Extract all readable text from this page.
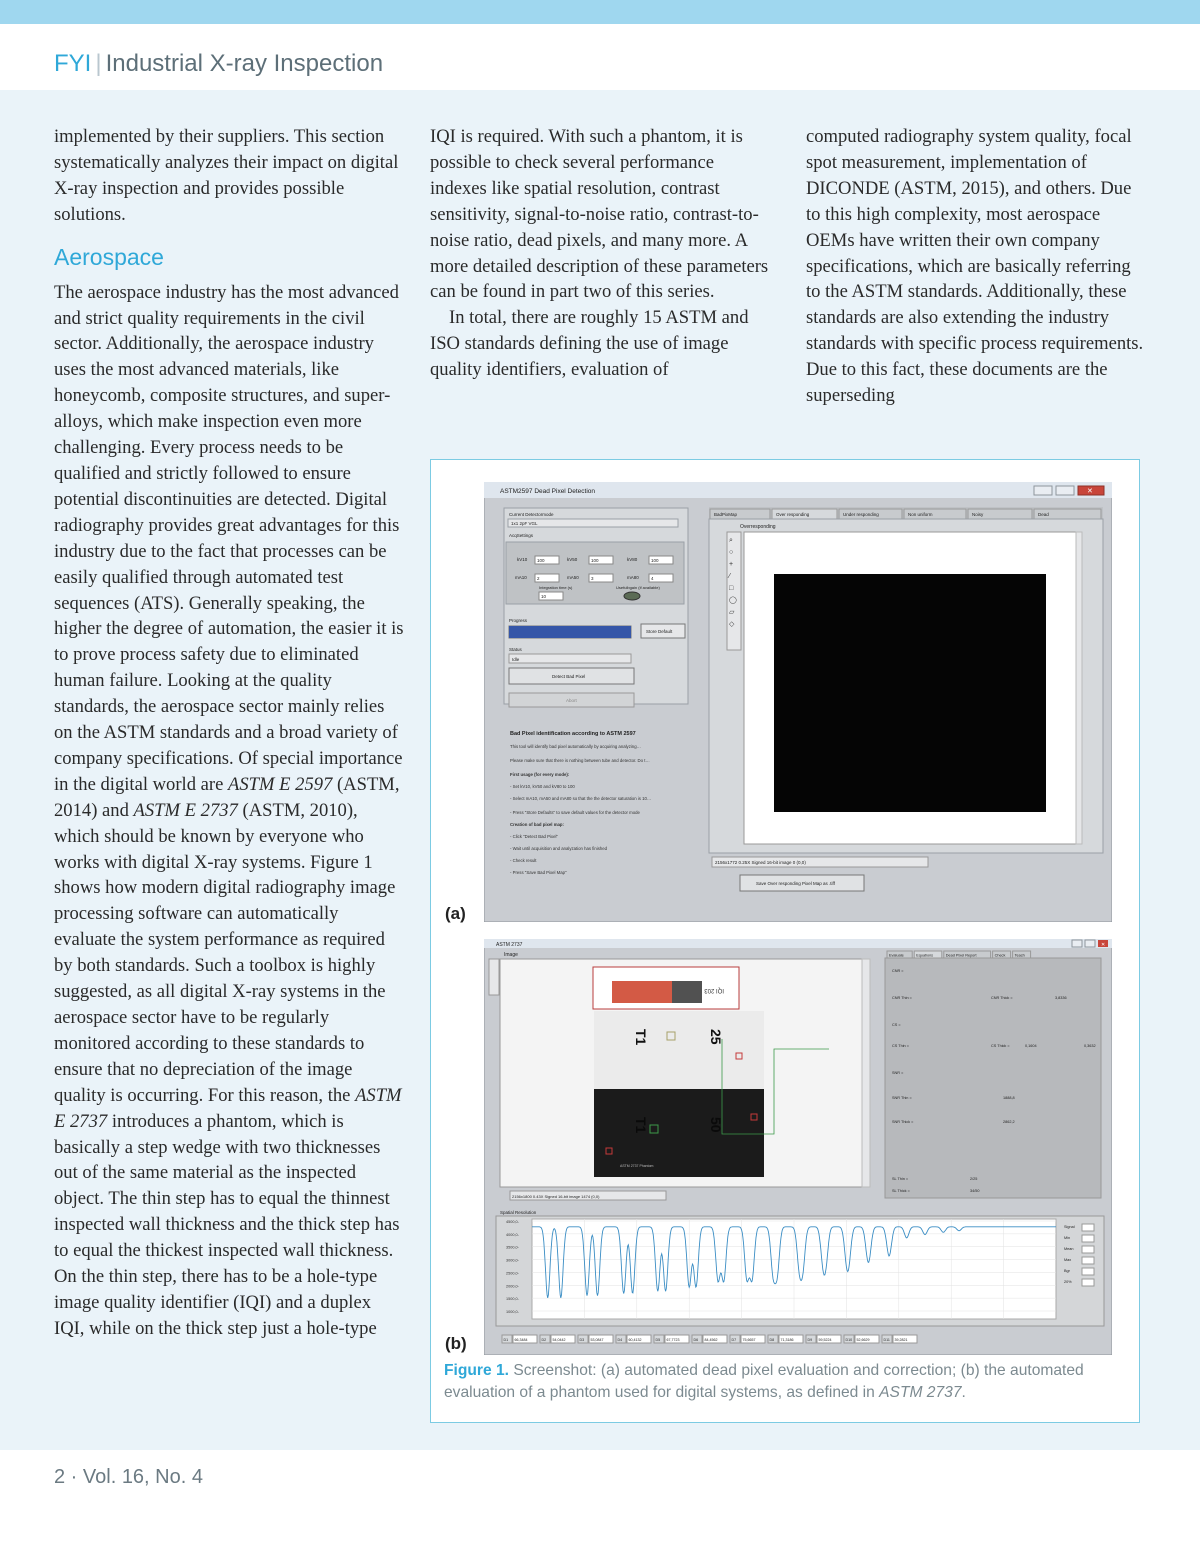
FYI | Industrial X-ray Inspection

implemented by their suppliers. This section systematically analyzes their impact on digital X-ray inspection and provides possible solutions.

Aerospace

The aerospace industry has the most advanced and strict quality requirements in the civil sector. Additionally, the aerospace industry uses the most advanced materials, like honeycomb, composite structures, and super-alloys, which make inspection even more challenging. Every process needs to be qualified and strictly followed to ensure potential discontinuities are detected. Digital radiography provides great advantages for this industry due to the fact that processes can be easily qualified through automated test sequences (ATS). Generally speaking, the higher the degree of automation, the easier it is to prove process safety due to eliminated human failure. Looking at the quality standards, the aerospace sector mainly relies on the ASTM standards and a broad variety of company specifications. Of special importance in the digital world are ASTM E 2597 (ASTM, 2014) and ASTM E 2737 (ASTM, 2010), which should be known by everyone who works with digital X-ray systems. Figure 1 shows how modern digital radiography image processing software can automatically evaluate the system performance as required by both standards. Such a toolbox is highly suggested, as all digital X-ray systems in the aerospace sector have to be regularly monitored according to these standards to ensure that no depreciation of the image quality is occurring. For this reason, the ASTM E 2737 introduces a phantom, which is basically a step wedge with two thicknesses out of the same material as the inspected object. The thin step has to equal the thinnest inspected wall thickness and the thick step has to equal the thickest inspected wall thickness. On the thin step, there has to be a hole-type image quality identifier (IQI) and a duplex IQI, while on the thick step just a hole-type

IQI is required. With such a phantom, it is possible to check several performance indexes like spatial resolution, contrast sensitivity, signal-to-noise ratio, contrast-to-noise ratio, dead pixels, and many more. A more detailed description of these parameters can be found in part two of this series.

In total, there are roughly 15 ASTM and ISO standards defining the use of image quality identifiers, evaluation of

computed radiography system quality, focal spot measurement, implementation of DICONDE (ASTM, 2015), and others. Due to this high complexity, most aerospace OEMs have written their own company specifications, which are basically referring to the ASTM standards. Additionally, these standards are also extending the industry standards with specific process requirements. Due to this fact, these documents are the superseding

(a)
(b)
ASTM2597 Dead Pixel Detection	✕
Current Detectormode
1x1 2pF VGL
AcqSettings
kV10 100	kV50	100	kV80	100
mA10 2	mA50	3	mA80	4
Integration time (s)
10
Usefulbgain (if available)
Progress
Store Default
Status
Idle
Detect Bad Pixel
Abort
Bad Pixel identification according to ASTM 2597
This tool will identify bad pixel automatically by acquiring analyzing…
Please make sure that there is nothing between tube and detector. Do t…
First usage (for every mode):
- Set kV10, kV50 and kV80 to 100
- Select mA10, mA50 and mA80 so that the the detector saturation is 10…
- Press "Store Defaults" to save default values for the detector mode
Creation of bad pixel map:
- Click "Detect Bad Pixel"
- Wait until acquisition and analyzation has finished
- Check result
- Press "Save Bad Pixel Map"
BadPixMap	Over responding	Under responding	Non uniform	Noisy	Dead
Overresponding
⌕
○
+
⁄
□
◯
▱
◇
2156x1772 0.25X Signed 16-bit image 0 (0,0)
Save Over responding Pixel Map as .tiff
ASTM 2737	✕
Image
IQI 203
T1	25
T1	50
ASTM 2737 Phantom
2156x1800 0.43X Signed 16-bit image 1474 (0,0)
Evaluate	Equations	Dead Pixel Report	Check Teach
CNR =
CNR Thin =	CNR Thick =
CS =
CS Thin =	CS Thick =
SNR =
SNR Thin =
SNR Thick =
SL Thin =
SL Thick =
3,8336
0,1604	0,3632
1888,8
2862,2
2/25
34/50
Spatial Resolution
4500,0-
4000,0-
3500,0-
3000,0-
2500,0-
2000,0-
1500,0-
1000,0-
Signal
Min
Mean
Max
Bgr
20%
D1 66,3484	D2 54,0442	D3 53,0847	D4 60,4132	D5 67,7723	D6 84,4562	D7 75,6657	D8 71,3186	D9 59,5224	D10 52,6629	D11 39,2821
Figure 1. Screenshot: (a) automated dead pixel evaluation and correction; (b) the automated evaluation of a phantom used for digital systems, as defined in ASTM 2737.
2 · Vol. 16, No. 4
